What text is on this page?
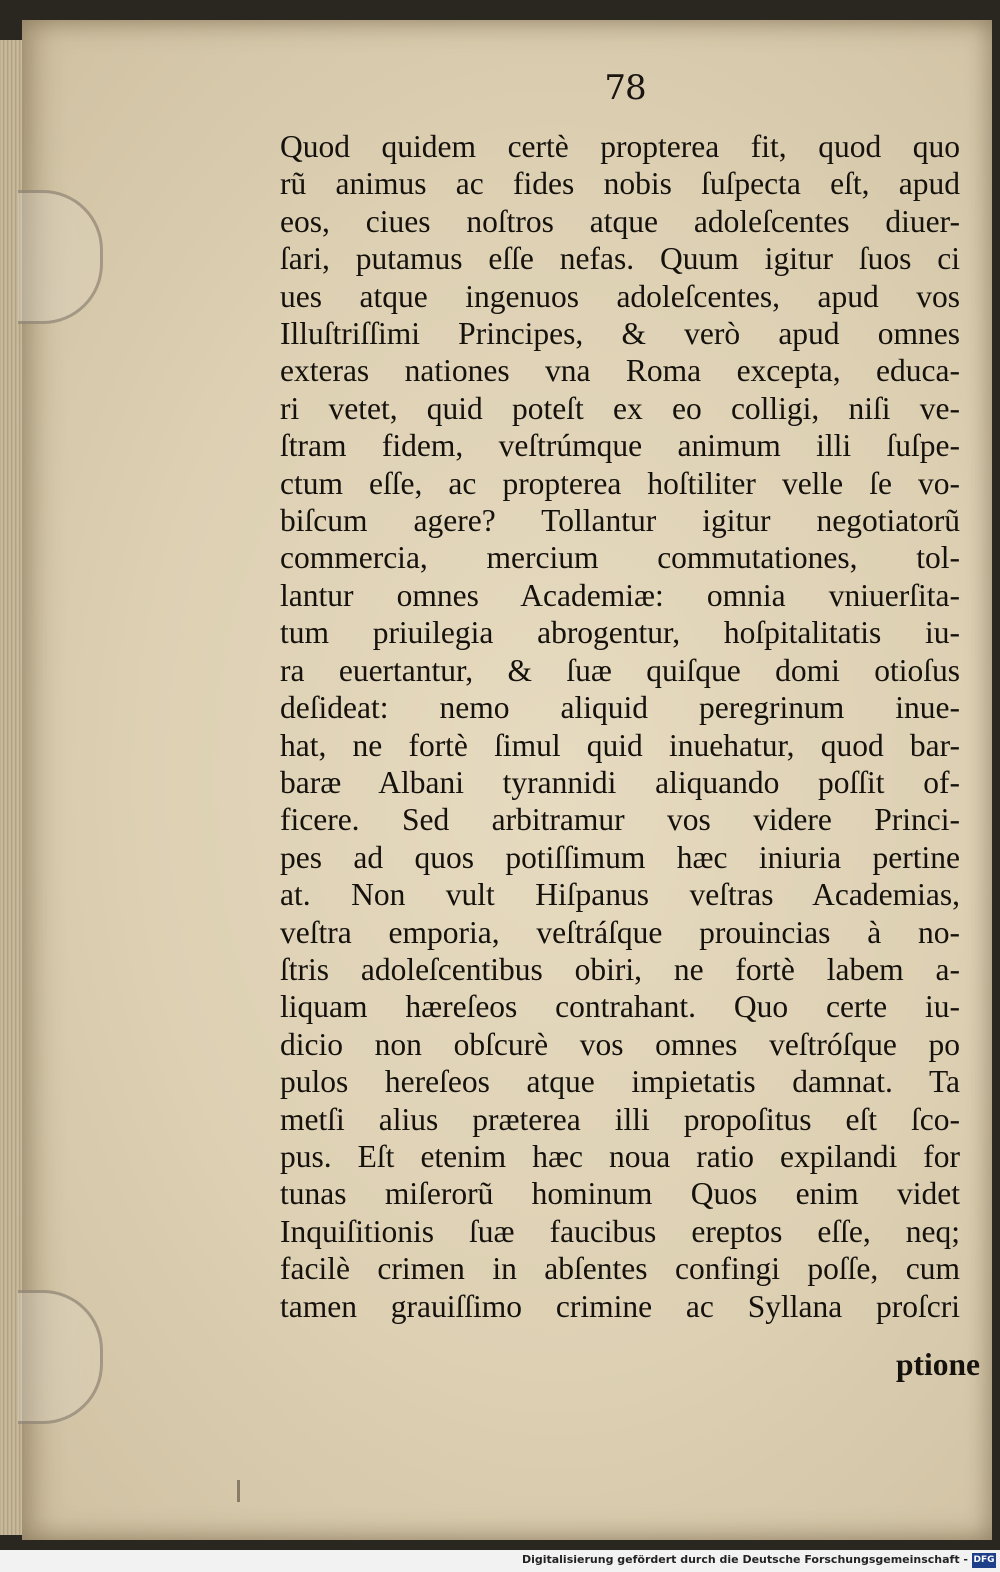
78
Quod quidem certè propterea fit, quod quo
rũ animus ac fides nobis ſuſpecta eſt, apud
eos, ciues noſtros atque adoleſcentes diuer-
ſari, putamus eſſe nefas. Quum igitur ſuos ci
ues atque ingenuos adoleſcentes, apud vos
Illuſtriſſimi Principes, & verò apud omnes
exteras nationes vna Roma excepta, educa-
ri vetet, quid poteſt ex eo colligi, niſi ve-
ſtram fidem, veſtrúmque animum illi ſuſpe-
ctum eſſe, ac propterea hoſtiliter velle ſe vo-
biſcum agere? Tollantur igitur negotiatorũ
commercia, mercium commutationes, tol-
lantur omnes Academiæ: omnia vniuerſita-
tum priuilegia abrogentur, hoſpitalitatis iu-
ra euertantur, & ſuæ quiſque domi otioſus
deſideat: nemo aliquid peregrinum inue-
hat, ne fortè ſimul quid inuehatur, quod bar-
baræ Albani tyrannidi aliquando poſſit of-
ficere. Sed arbitramur vos videre Princi-
pes ad quos potiſſimum hæc iniuria pertine
at. Non vult Hiſpanus veſtras Academias,
veſtra emporia, veſtráſque prouincias à no-
ſtris adoleſcentibus obiri, ne fortè labem a-
liquam hæreſeos contrahant. Quo certe iu-
dicio non obſcurè vos omnes veſtróſque po
pulos hereſeos atque impietatis damnat. Ta
metſi alius præterea illi propoſitus eſt ſco-
pus. Eſt etenim hæc noua ratio expilandi for
tunas miſerorũ hominum Quos enim videt
Inquiſitionis ſuæ faucibus ereptos eſſe, neq;
facilè crimen in abſentes confingi poſſe, cum
tamen grauiſſimo crimine ac Syllana proſcri
ptione
Digitalisierung gefördert durch die Deutsche Forschungsgemeinschaft - DFG
